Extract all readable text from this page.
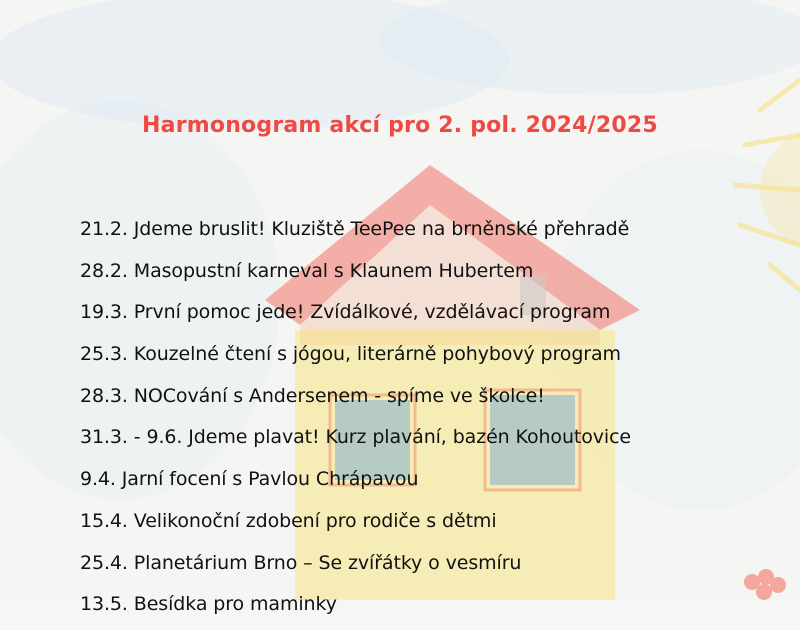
Harmonogram akcí pro 2. pol. 2024/2025
21.2. Jdeme bruslit! Kluziště TeePee na brněnské přehradě
28.2. Masopustní karneval s Klaunem Hubertem
19.3. První pomoc jede! Zvídálkové, vzdělávací program
25.3. Kouzelné čtení s jógou, literárně pohybový program
28.3. NOCování s Andersenem - spíme ve školce!
31.3. - 9.6. Jdeme plavat! Kurz plavání, bazén Kohoutovice
9.4. Jarní focení s Pavlou Chrápavou
15.4. Velikonoční zdobení pro rodiče s dětmi
25.4. Planetárium Brno – Se zvířátky o vesmíru
13.5. Besídka pro maminky
